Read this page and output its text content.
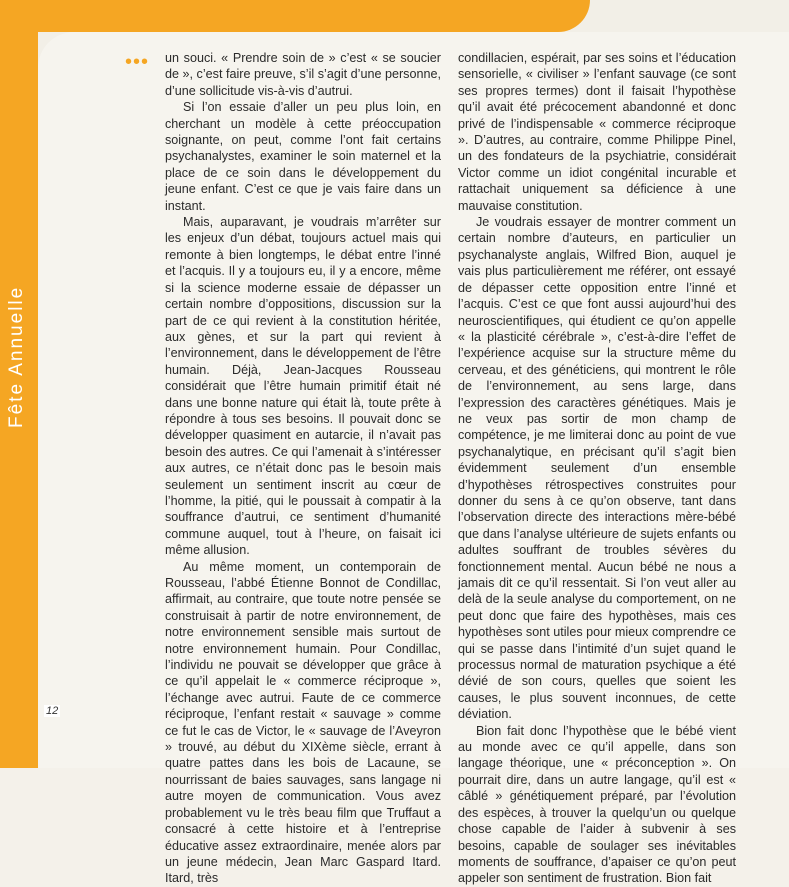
Fête Annuelle
••• un souci. « Prendre soin de » c’est « se soucier de », c’est faire preuve, s’il s’agit d’une personne, d’une sollicitude vis-à-vis d’autrui.

Si l’on essaie d’aller un peu plus loin, en cherchant un modèle à cette préoccupation soignante, on peut, comme l’ont fait certains psychanalystes, examiner le soin maternel et la place de ce soin dans le développement du jeune enfant. C’est ce que je vais faire dans un instant.

Mais, auparavant, je voudrais m’arrêter sur les enjeux d’un débat, toujours actuel mais qui remonte à bien longtemps, le débat entre l’inné et l’acquis. Il y a toujours eu, il y a encore, même si la science moderne essaie de dépasser un certain nombre d’oppositions, discussion sur la part de ce qui revient à la constitution héritée, aux gènes, et sur la part qui revient à l’environnement, dans le développement de l’être humain. Déjà, Jean-Jacques Rousseau considérait que l’être humain primitif était né dans une bonne nature qui était là, toute prête à répondre à tous ses besoins. Il pouvait donc se développer quasiment en autarcie, il n’avait pas besoin des autres. Ce qui l’amenait à s’intéresser aux autres, ce n’était donc pas le besoin mais seulement un sentiment inscrit au cœur de l’homme, la pitié, qui le poussait à compatir à la souffrance d’autrui, ce sentiment d’humanité commune auquel, tout à l’heure, on faisait ici même allusion.

Au même moment, un contemporain de Rousseau, l’abbé Étienne Bonnot de Condillac, affirmait, au contraire, que toute notre pensée se construisait à partir de notre environnement, de notre environnement sensible mais surtout de notre environnement humain. Pour Condillac, l’individu ne pouvait se développer que grâce à ce qu’il appelait le « commerce réciproque », l’échange avec autrui. Faute de ce commerce réciproque, l’enfant restait « sauvage » comme ce fut le cas de Victor, le « sauvage de l’Aveyron » trouvé, au début du XIXème siècle, errant à quatre pattes dans les bois de Lacaune, se nourrissant de baies sauvages, sans langage ni autre moyen de communication. Vous avez probablement vu le très beau film que Truffaut a consacré à cette histoire et à l’entreprise éducative assez extraordinaire, menée alors par un jeune médecin, Jean Marc Gaspard Itard. Itard, très

condillacien, espérait, par ses soins et l’éducation sensorielle, « civiliser » l’enfant sauvage (ce sont ses propres termes) dont il faisait l’hypothèse qu’il avait été précocement abandonné et donc privé de l’indispensable « commerce réciproque ». D’autres, au contraire, comme Philippe Pinel, un des fondateurs de la psychiatrie, considérait Victor comme un idiot congénital incurable et rattachait uniquement sa déficience à une mauvaise constitution.

Je voudrais essayer de montrer comment un certain nombre d’auteurs, en particulier un psychanalyste anglais, Wilfred Bion, auquel je vais plus particulièrement me référer, ont essayé de dépasser cette opposition entre l’inné et l’acquis. C’est ce que font aussi aujourd’hui des neuroscientifiques, qui étudient ce qu’on appelle « la plasticité cérébrale », c’est-à-dire l’effet de l’expérience acquise sur la structure même du cerveau, et des généticiens, qui montrent le rôle de l’environnement, au sens large, dans l’expression des caractères génétiques. Mais je ne veux pas sortir de mon champ de compétence, je me limiterai donc au point de vue psychanalytique, en précisant qu’il s’agit bien évidemment seulement d’un ensemble d’hypothèses rétrospectives construites pour donner du sens à ce qu’on observe, tant dans l’observation directe des interactions mère-bébé que dans l’analyse ultérieure de sujets enfants ou adultes souffrant de troubles sévères du fonctionnement mental. Aucun bébé ne nous a jamais dit ce qu’il ressentait. Si l’on veut aller au delà de la seule analyse du comportement, on ne peut donc que faire des hypothèses, mais ces hypothèses sont utiles pour mieux comprendre ce qui se passe dans l’intimité d’un sujet quand le processus normal de maturation psychique a été dévié de son cours, quelles que soient les causes, le plus souvent inconnues, de cette déviation.

Bion fait donc l’hypothèse que le bébé vient au monde avec ce qu’il appelle, dans son langage théorique, une « préconception ». On pourrait dire, dans un autre langage, qu’il est « câblé » génétiquement préparé, par l’évolution des espèces, à trouver la quelqu’un ou quelque chose capable de l’aider à subvenir à ses besoins, capable de soulager ses inévitables moments de souffrance, d’apaiser ce qu’on peut appeler son sentiment de frustration. Bion fait

12
